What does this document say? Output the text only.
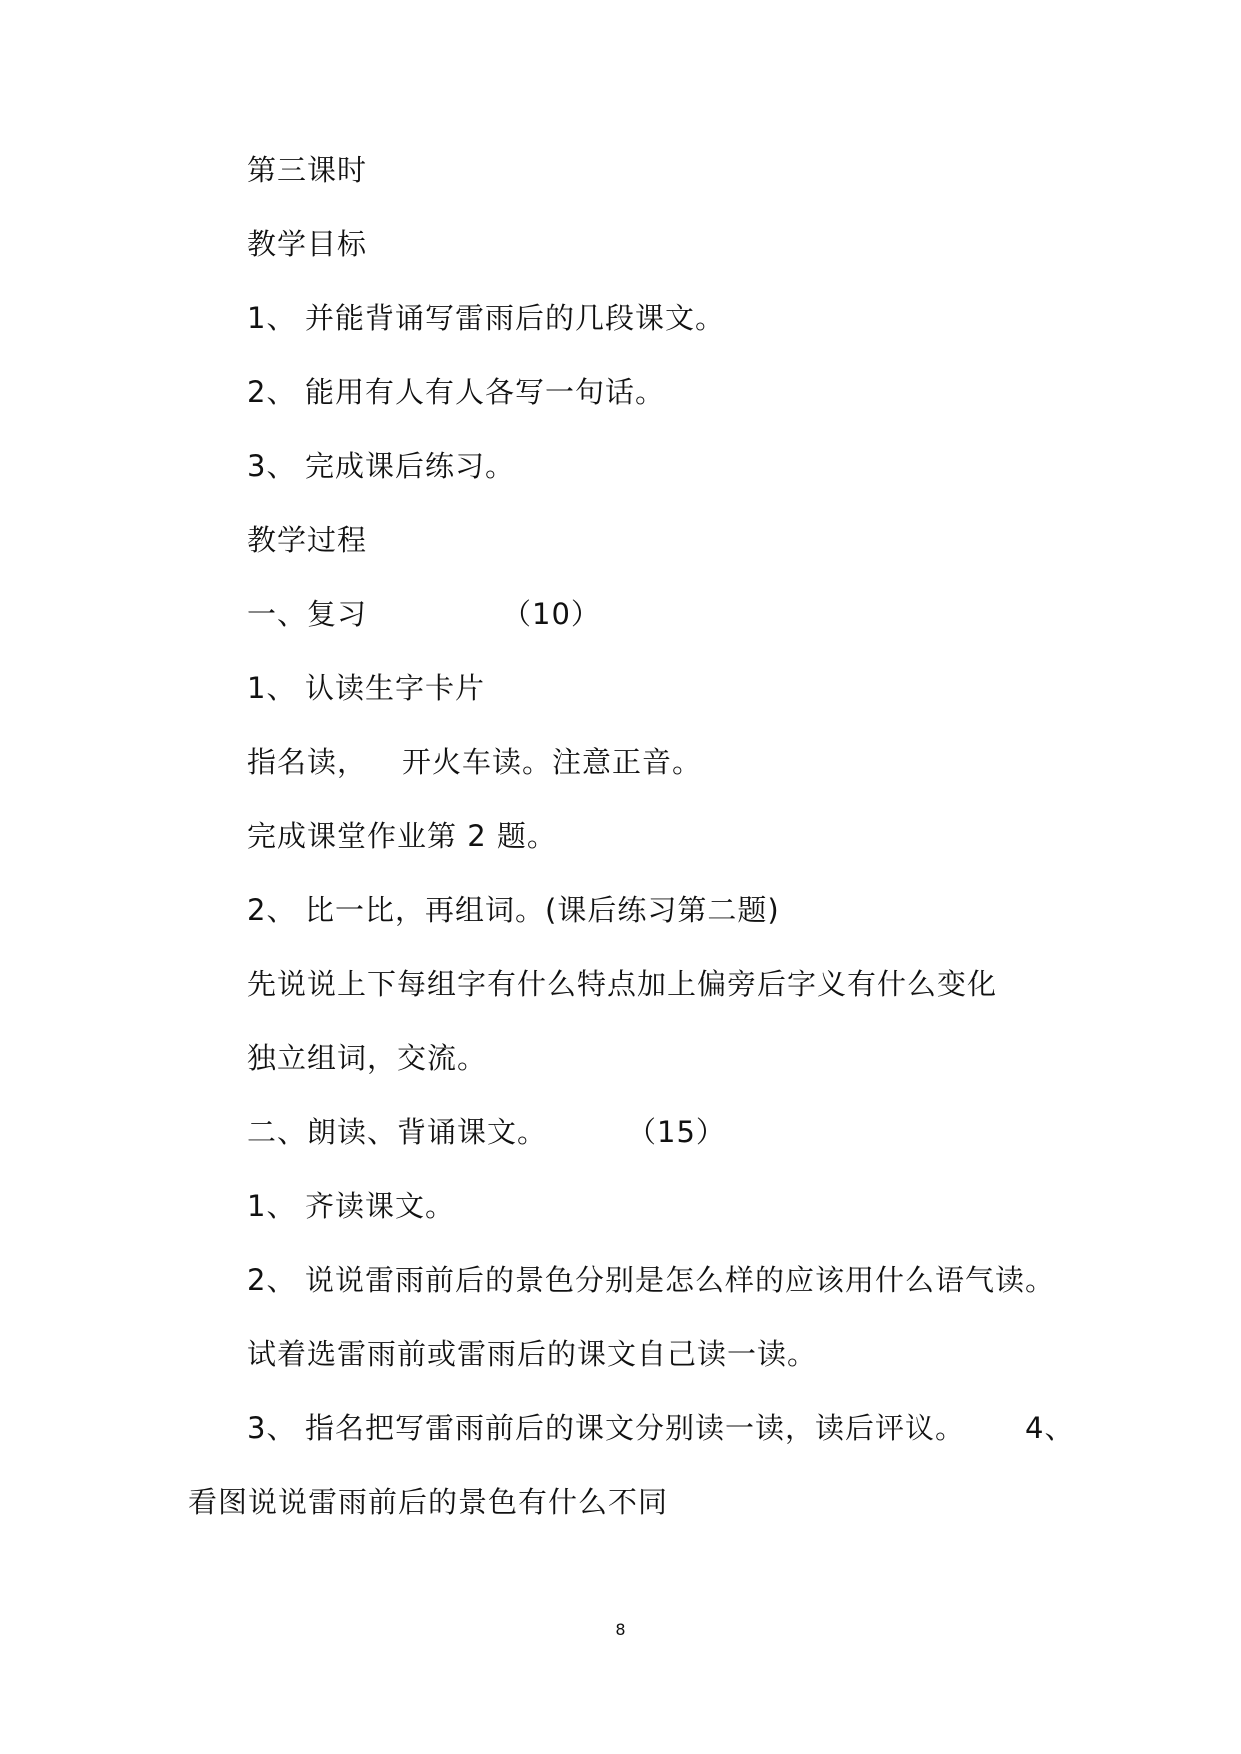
第三课时
教学目标
1、 并能背诵写雷雨后的几段课文。
2、 能用有人有人各写一句话。
3、 完成课后练习。
教学过程
一、复习	（10）
1、 认读生字卡片
指名读， 开火车读。注意正音。
完成课堂作业第 2 题。
2、 比一比，再组词。(课后练习第二题)
先说说上下每组字有什么特点加上偏旁后字义有什么变化
独立组词，交流。
二、朗读、背诵课文。	（15）
1、 齐读课文。
2、 说说雷雨前后的景色分别是怎么样的应该用什么语气读。
试着选雷雨前或雷雨后的课文自己读一读。
3、 指名把写雷雨前后的课文分别读一读，读后评议。 4、
看图说说雷雨前后的景色有什么不同
8
